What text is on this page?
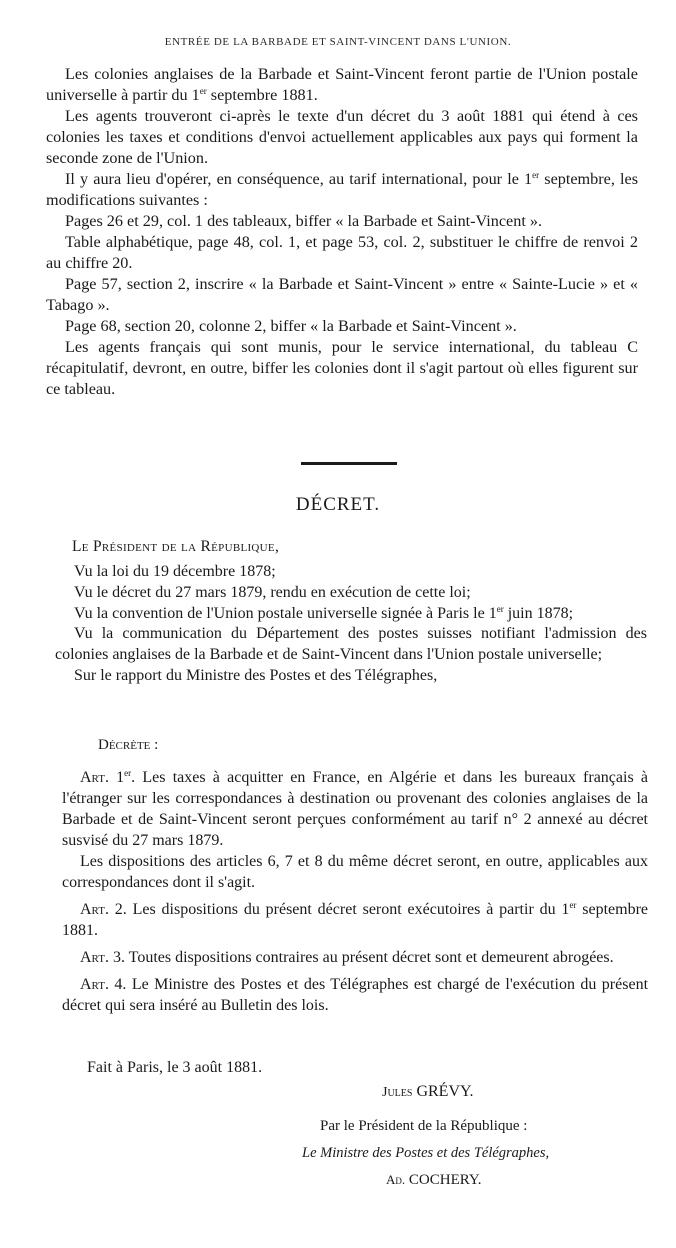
ENTRÉE DE LA BARBADE ET SAINT-VINCENT DANS L'UNION.

Les colonies anglaises de la Barbade et Saint-Vincent feront partie de l'Union postale universelle à partir du 1er septembre 1881.

Les agents trouveront ci-après le texte d'un décret du 3 août 1881 qui étend à ces colonies les taxes et conditions d'envoi actuellement applicables aux pays qui forment la seconde zone de l'Union.

Il y aura lieu d'opérer, en conséquence, au tarif international, pour le 1er septembre, les modifications suivantes :

Pages 26 et 29, col. 1 des tableaux, biffer « la Barbade et Saint-Vincent ».

Table alphabétique, page 48, col. 1, et page 53, col. 2, substituer le chiffre de renvoi 2 au chiffre 20.

Page 57, section 2, inscrire « la Barbade et Saint-Vincent » entre « Sainte-Lucie » et « Tabago ».

Page 68, section 20, colonne 2, biffer « la Barbade et Saint-Vincent ».

Les agents français qui sont munis, pour le service international, du tableau C récapitulatif, devront, en outre, biffer les colonies dont il s'agit partout où elles figurent sur ce tableau.

DÉCRET.
Le Président de la République,

Vu la loi du 19 décembre 1878;

Vu le décret du 27 mars 1879, rendu en exécution de cette loi;

Vu la convention de l'Union postale universelle signée à Paris le 1er juin 1878;

Vu la communication du Département des postes suisses notifiant l'admission des colonies anglaises de la Barbade et de Saint-Vincent dans l'Union postale universelle;

Sur le rapport du Ministre des Postes et des Télégraphes,

Décrète :

Art. 1er. Les taxes à acquitter en France, en Algérie et dans les bureaux français à l'étranger sur les correspondances à destination ou provenant des colonies anglaises de la Barbade et de Saint-Vincent seront perçues conformément au tarif n° 2 annexé au décret susvisé du 27 mars 1879.

Les dispositions des articles 6, 7 et 8 du même décret seront, en outre, applicables aux correspondances dont il s'agit.

Art. 2. Les dispositions du présent décret seront exécutoires à partir du 1er septembre 1881.

Art. 3. Toutes dispositions contraires au présent décret sont et demeurent abrogées.

Art. 4. Le Ministre des Postes et des Télégraphes est chargé de l'exécution du présent décret qui sera inséré au Bulletin des lois.

Fait à Paris, le 3 août 1881.
Jules GRÉVY.
Par le Président de la République :
Le Ministre des Postes et des Télégraphes,
Ad. COCHERY.
